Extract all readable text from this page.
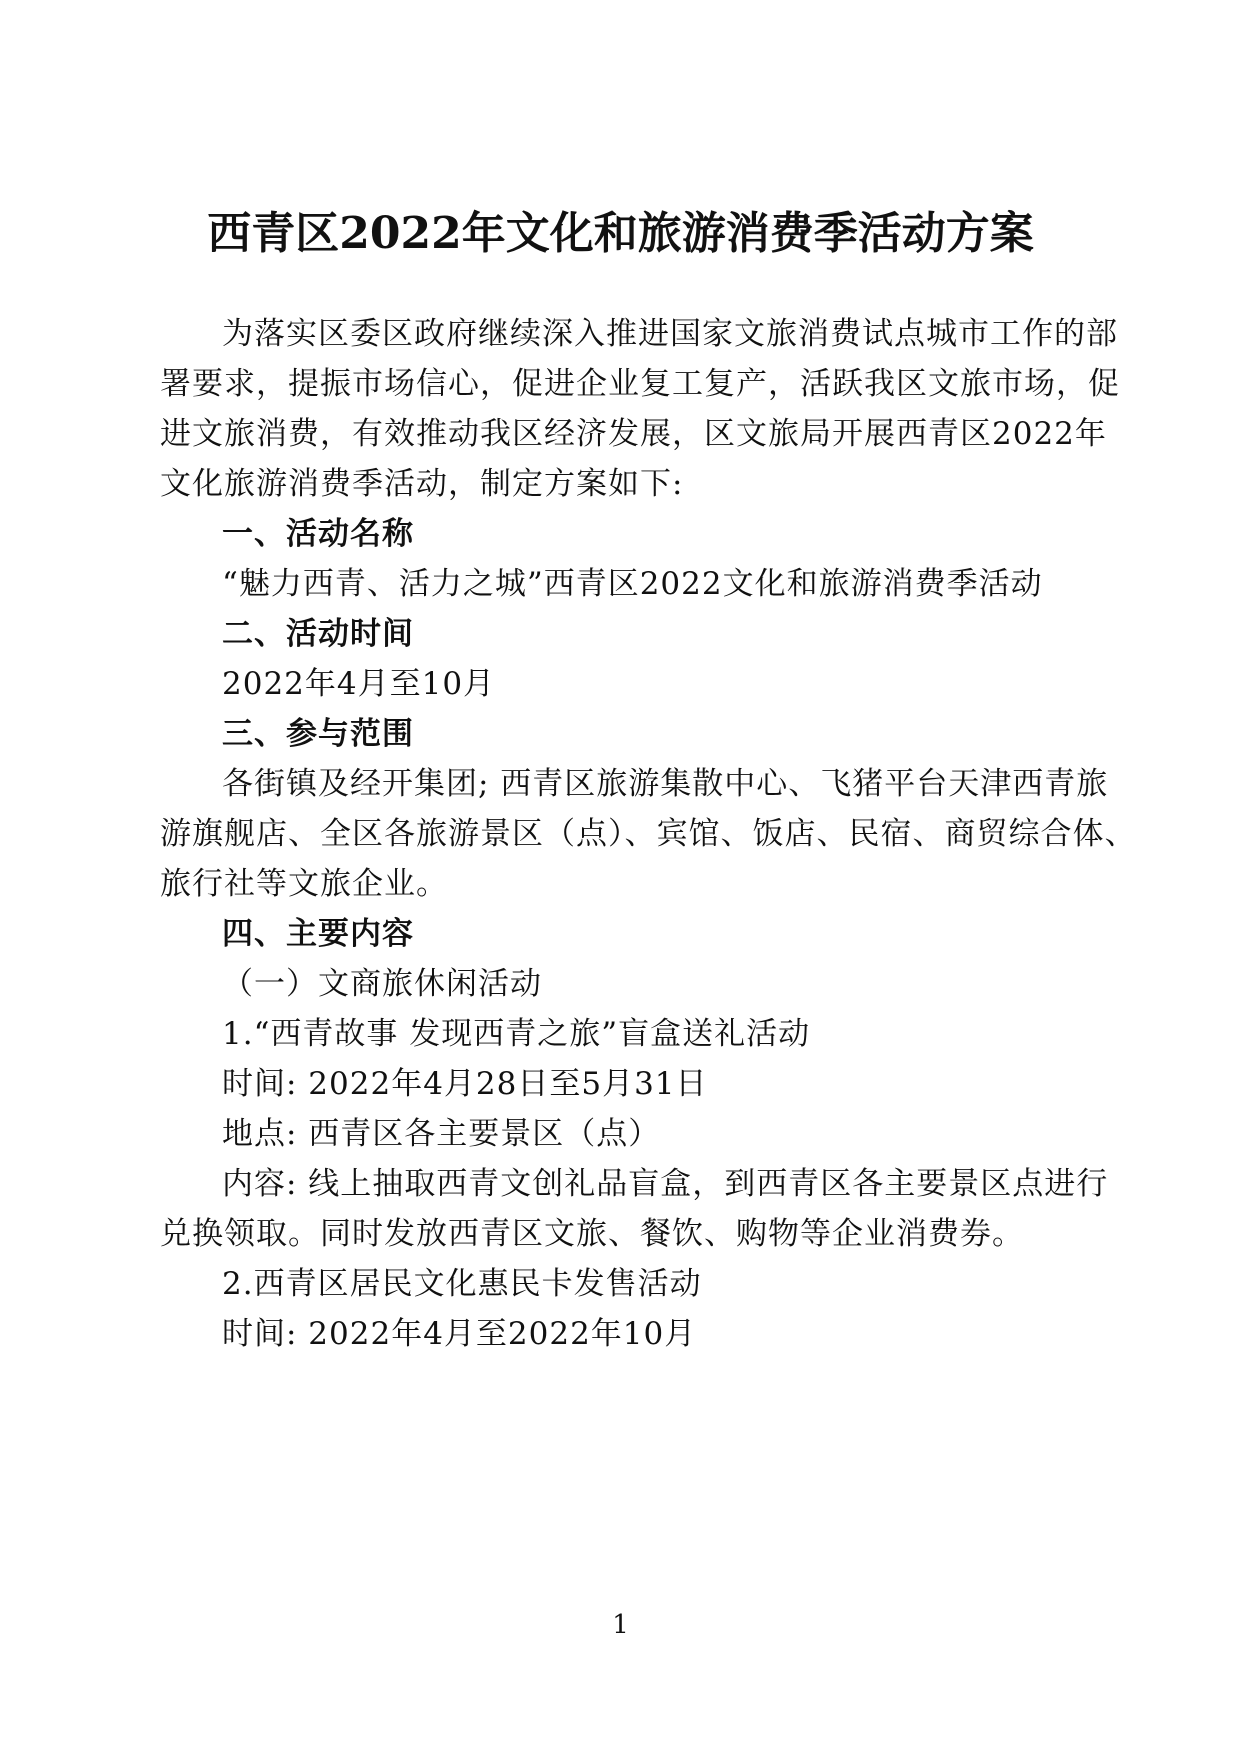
西青区2022年文化和旅游消费季活动方案
为落实区委区政府继续深入推进国家文旅消费试点城市工作的部
署要求，提振市场信心，促进企业复工复产，活跃我区文旅市场，促
进文旅消费，有效推动我区经济发展，区文旅局开展西青区2022年
文化旅游消费季活动，制定方案如下:
一、活动名称
“魅力西青、活力之城”西青区2022文化和旅游消费季活动
二、活动时间
2022年4月至10月
三、参与范围
各街镇及经开集团; 西青区旅游集散中心、飞猪平台天津西青旅
游旗舰店、全区各旅游景区（点）、宾馆、饭店、民宿、商贸综合体、
旅行社等文旅企业。
四、主要内容
（一）文商旅休闲活动
1.“西青故事 发现西青之旅”盲盒送礼活动
时间: 2022年4月28日至5月31日
地点: 西青区各主要景区（点）
内容: 线上抽取西青文创礼品盲盒，到西青区各主要景区点进行
兑换领取。同时发放西青区文旅、餐饮、购物等企业消费券。
2.西青区居民文化惠民卡发售活动
时间: 2022年4月至2022年10月
1
